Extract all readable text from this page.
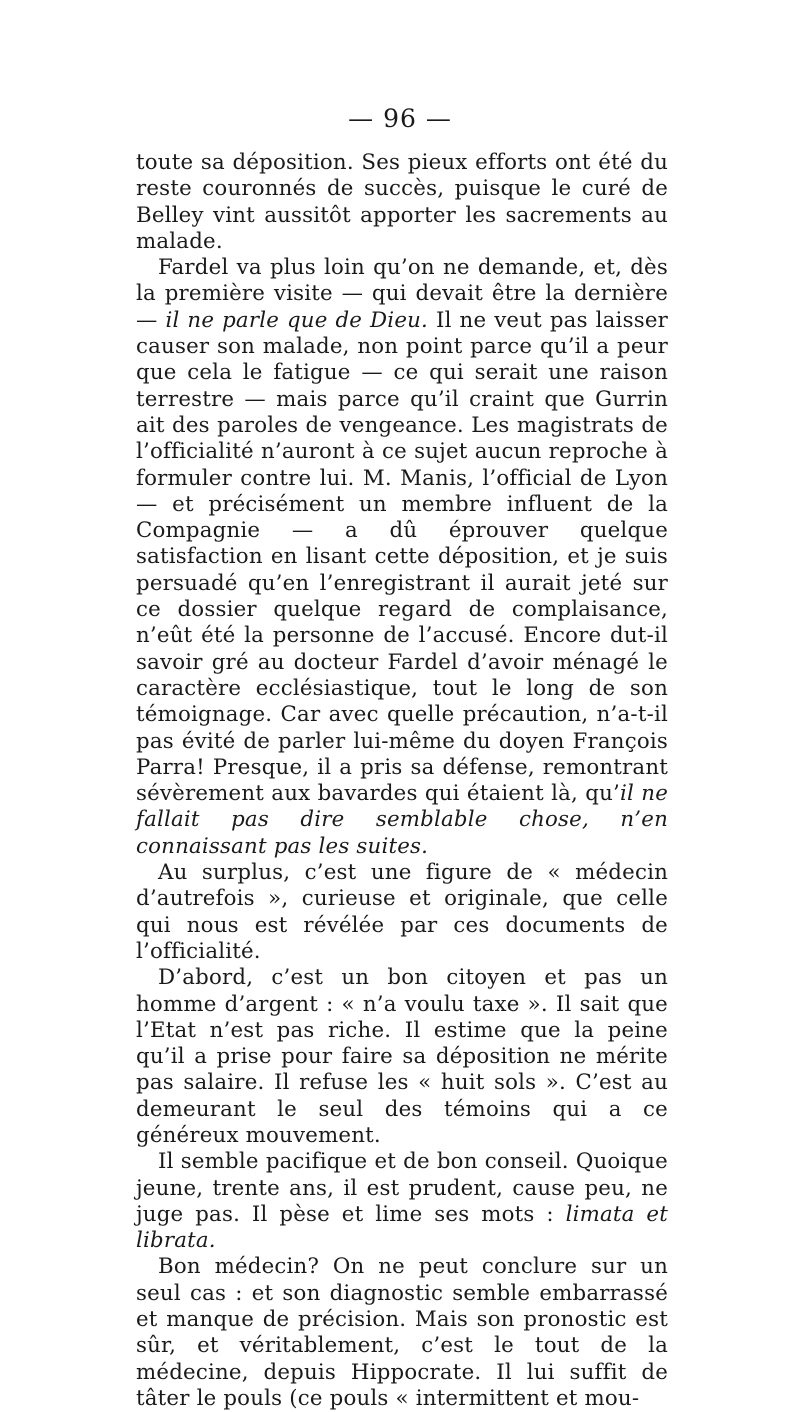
— 96 —

toute sa déposition. Ses pieux efforts ont été du reste couronnés de succès, puisque le curé de Belley vint aussitôt apporter les sacrements au malade.

Fardel va plus loin qu’on ne demande, et, dès la première visite — qui devait être la dernière — il ne parle que de Dieu. Il ne veut pas laisser causer son malade, non point parce qu’il a peur que cela le fatigue — ce qui serait une raison terrestre — mais parce qu’il craint que Gurrin ait des paroles de vengeance. Les magistrats de l’officialité n’auront à ce sujet aucun reproche à formuler contre lui. M. Manis, l’official de Lyon — et précisément un membre influent de la Compagnie — a dû éprouver quelque satisfaction en lisant cette déposition, et je suis persuadé qu’en l’enregistrant il aurait jeté sur ce dossier quelque regard de complaisance, n’eût été la personne de l’accusé. Encore dut-il savoir gré au docteur Fardel d’avoir ménagé le caractère ecclésiastique, tout le long de son témoignage. Car avec quelle précaution, n’a-t-il pas évité de parler lui-même du doyen François Parra! Presque, il a pris sa défense, remontrant sévèrement aux bavardes qui étaient là, qu’il ne fallait pas dire semblable chose, n’en connaissant pas les suites.

Au surplus, c’est une figure de « médecin d’autrefois », curieuse et originale, que celle qui nous est révélée par ces documents de l’officialité.

D’abord, c’est un bon citoyen et pas un homme d’argent : « n’a voulu taxe ». Il sait que l’Etat n’est pas riche. Il estime que la peine qu’il a prise pour faire sa déposition ne mérite pas salaire. Il refuse les « huit sols ». C’est au demeurant le seul des témoins qui a ce généreux mouvement.

Il semble pacifique et de bon conseil. Quoique jeune, trente ans, il est prudent, cause peu, ne juge pas. Il pèse et lime ses mots : limata et librata.

Bon médecin? On ne peut conclure sur un seul cas : et son diagnostic semble embarrassé et manque de précision. Mais son pronostic est sûr, et véritablement, c’est le tout de la médecine, depuis Hippocrate. Il lui suffit de tâter le pouls (ce pouls « intermittent et mou-
